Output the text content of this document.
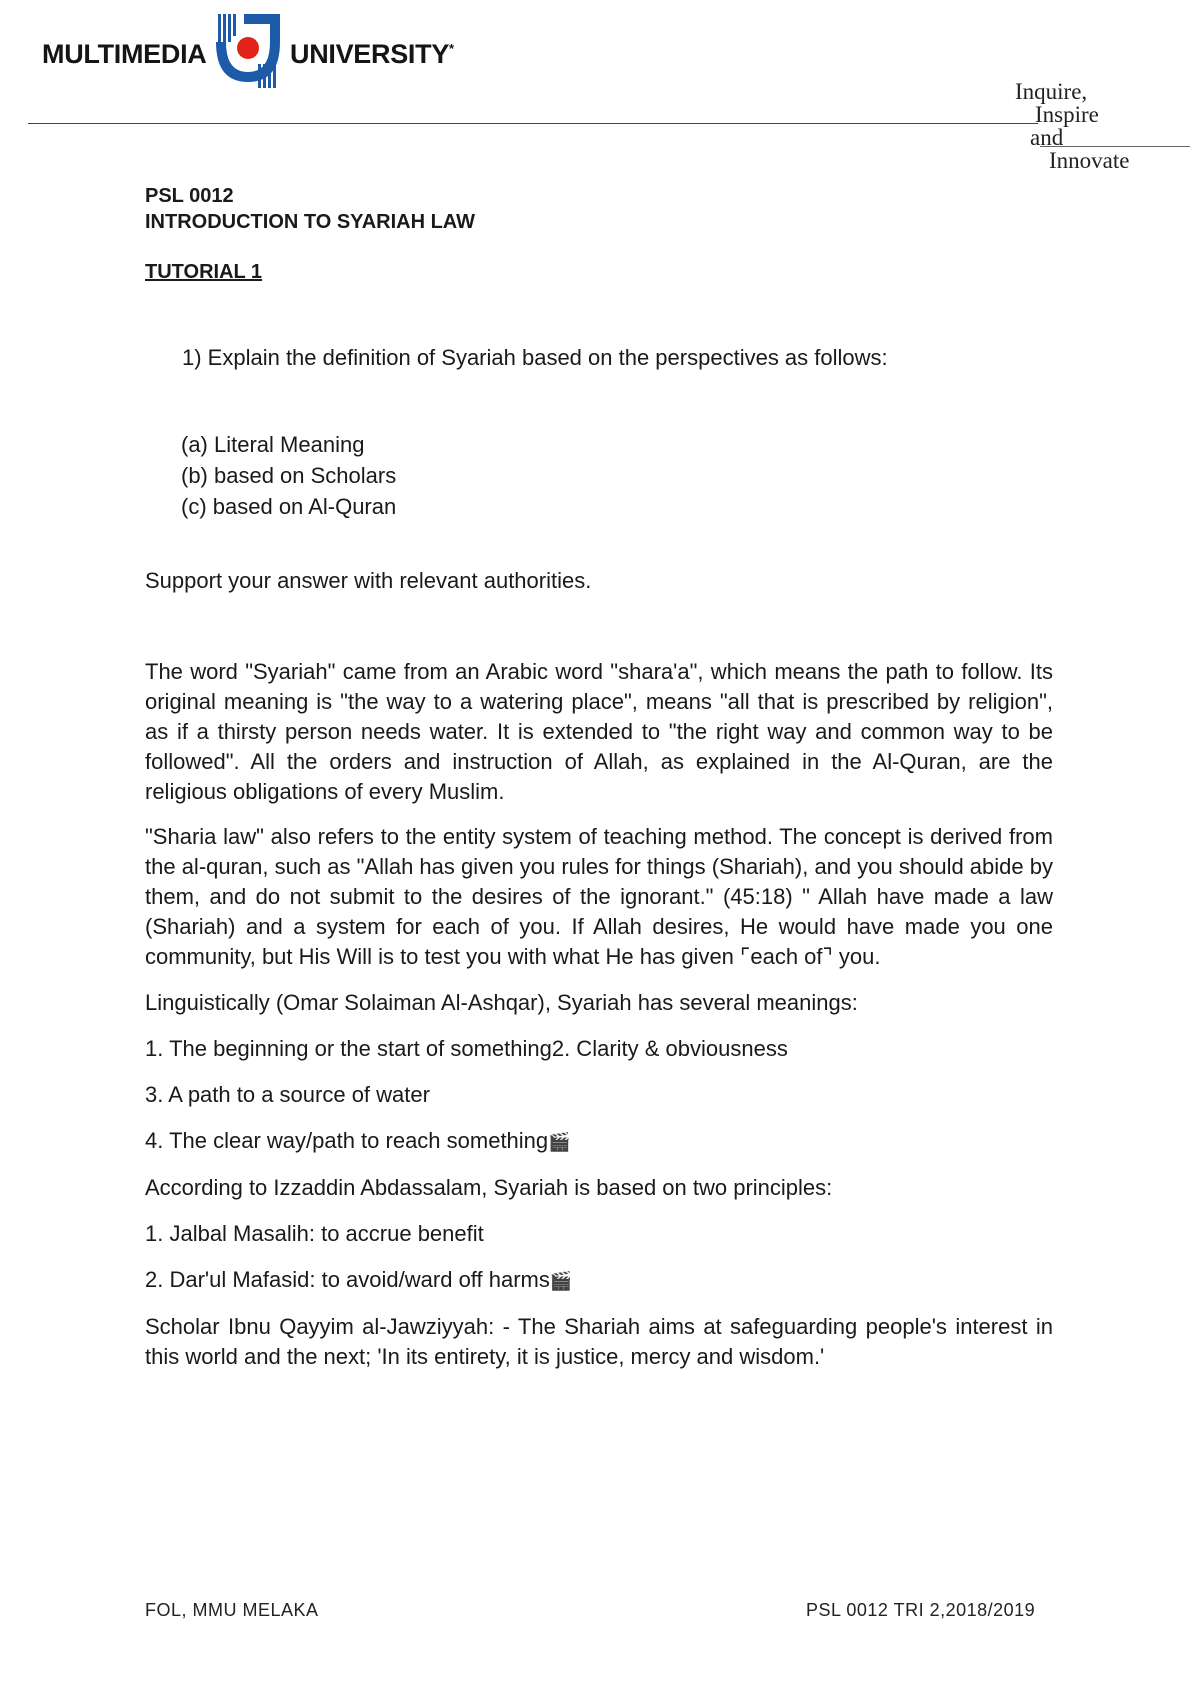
MULTIMEDIA	UNIVERSITY*
Inquire,
Inspire
and
Innovate

PSL 0012

INTRODUCTION TO SYARIAH LAW

TUTORIAL 1

1) Explain the definition of Syariah based on the perspectives as follows:

(a) Literal Meaning
(b) based on Scholars
(c) based on Al-Quran

Support your answer with relevant authorities.

The word "Syariah" came from an Arabic word "shara'a", which means the path to follow. Its original meaning is "the way to a watering place", means "all that is prescribed by religion", as if a thirsty person needs water. It is extended to "the right way and common way to be followed". All the orders and instruction of Allah, as explained in the Al-Quran, are the religious obligations of every Muslim.

"Sharia law" also refers to the entity system of teaching method. The concept is derived from the al-quran, such as "Allah has given you rules for things (Shariah), and you should abide by them, and do not submit to the desires of the ignorant." (45:18) " Allah have made a law (Shariah) and a system for each of you. If Allah desires, He would have made you one community, but His Will is to test you with what He has given ⌜each of⌝ you.

Linguistically (Omar Solaiman Al-Ashqar), Syariah has several meanings:

1. The beginning or the start of something2. Clarity & obviousness

3. A path to a source of water

4. The clear way/path to reach something🎬

According to Izzaddin Abdassalam, Syariah is based on two principles:

1. Jalbal Masalih: to accrue benefit

2. Dar'ul Mafasid: to avoid/ward off harms🎬

Scholar Ibnu Qayyim al-Jawziyyah: - The Shariah aims at safeguarding people's interest in this world and the next; 'In its entirety, it is justice, mercy and wisdom.'

FOL, MMU MELAKA	PSL 0012 TRI 2,2018/2019
